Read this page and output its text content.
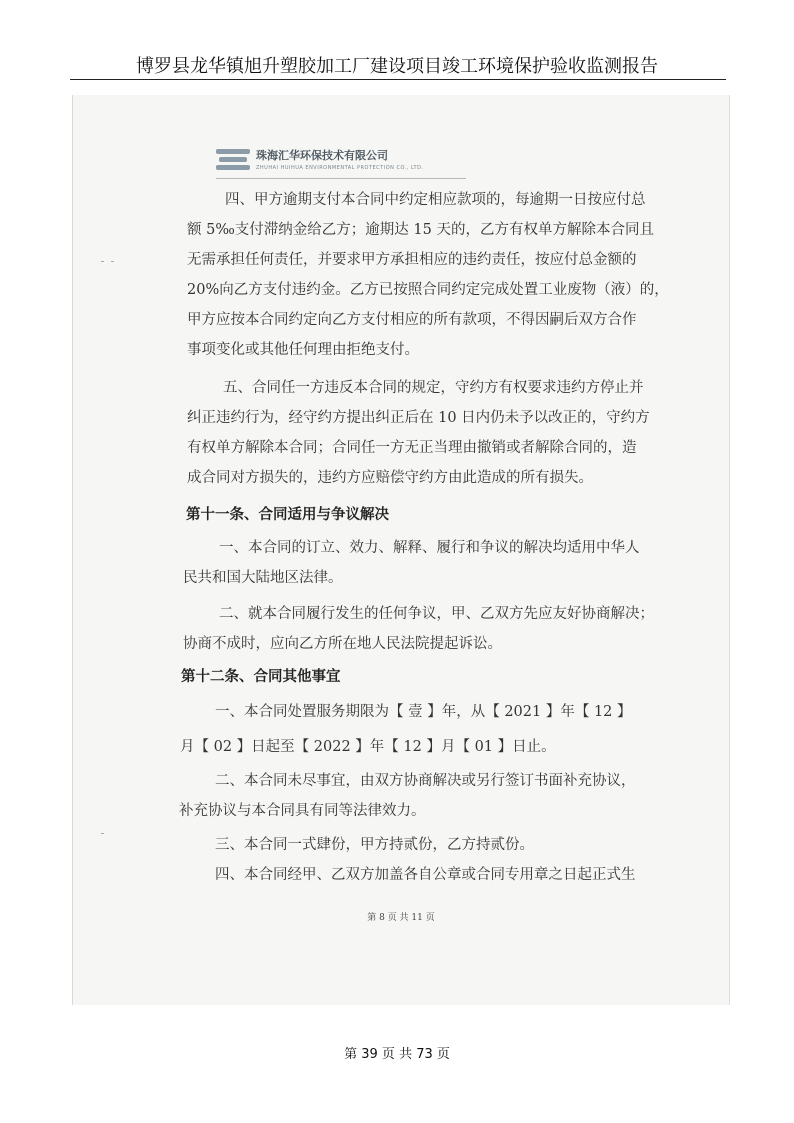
博罗县龙华镇旭升塑胶加工厂建设项目竣工环境保护验收监测报告
珠海汇华环保技术有限公司
ZHUHAI HUIHUA ENVIRONMENTAL PROTECTION CO., LTD.
四、甲方逾期支付本合同中约定相应款项的，每逾期一日按应付总
额 5‰支付滞纳金给乙方；逾期达 15 天的，乙方有权单方解除本合同且
无需承担任何责任，并要求甲方承担相应的违约责任，按应付总金额的
20%向乙方支付违约金。乙方已按照合同约定完成处置工业废物（液）的，
甲方应按本合同约定向乙方支付相应的所有款项，不得因嗣后双方合作
事项变化或其他任何理由拒绝支付。
五、合同任一方违反本合同的规定，守约方有权要求违约方停止并
纠正违约行为，经守约方提出纠正后在 10 日内仍未予以改正的，守约方
有权单方解除本合同；合同任一方无正当理由撤销或者解除合同的，造
成合同对方损失的，违约方应赔偿守约方由此造成的所有损失。
第十一条、合同适用与争议解决
一、本合同的订立、效力、解释、履行和争议的解决均适用中华人
民共和国大陆地区法律。
二、就本合同履行发生的任何争议，甲、乙双方先应友好协商解决；
协商不成时，应向乙方所在地人民法院提起诉讼。
第十二条、合同其他事宜
一、本合同处置服务期限为【 壹 】年，从【 2021 】年【 12 】
月【 02 】日起至【 2022 】年【 12 】月【 01 】日止。
二、本合同未尽事宜，由双方协商解决或另行签订书面补充协议，
补充协议与本合同具有同等法律效力。
三、本合同一式肆份，甲方持贰份，乙方持贰份。
四、本合同经甲、乙双方加盖各自公章或合同专用章之日起正式生
第 8 页 共 11 页
第 39 页 共 73 页
